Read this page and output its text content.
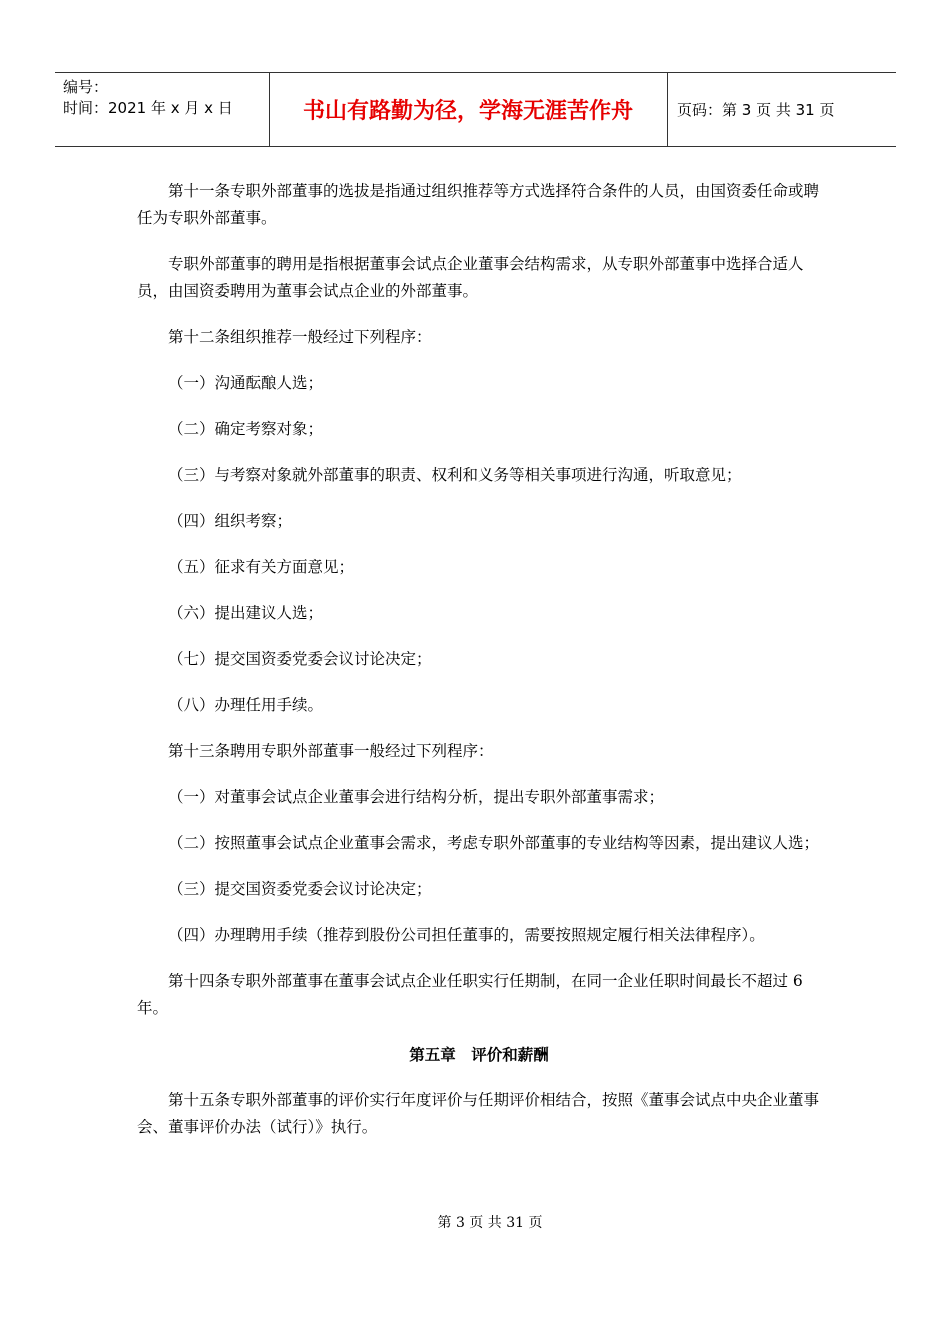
编号：
时间：2021 年 x 月 x 日	书山有路勤为径，学海无涯苦作舟	页码：第 3 页 共 31 页

第十一条专职外部董事的选拔是指通过组织推荐等方式选择符合条件的人员，由国资委任命或聘任为专职外部董事。

专职外部董事的聘用是指根据董事会试点企业董事会结构需求，从专职外部董事中选择合适人员，由国资委聘用为董事会试点企业的外部董事。

第十二条组织推荐一般经过下列程序：

（一）沟通酝酿人选；

（二）确定考察对象；

（三）与考察对象就外部董事的职责、权利和义务等相关事项进行沟通，听取意见；

（四）组织考察；

（五）征求有关方面意见；

（六）提出建议人选；

（七）提交国资委党委会议讨论决定；

（八）办理任用手续。

第十三条聘用专职外部董事一般经过下列程序：

（一）对董事会试点企业董事会进行结构分析，提出专职外部董事需求；

（二）按照董事会试点企业董事会需求，考虑专职外部董事的专业结构等因素，提出建议人选；

（三）提交国资委党委会议讨论决定；

（四）办理聘用手续（推荐到股份公司担任董事的，需要按照规定履行相关法律程序）。

第十四条专职外部董事在董事会试点企业任职实行任期制，在同一企业任职时间最长不超过 6 年。

第五章　评价和薪酬

第十五条专职外部董事的评价实行年度评价与任期评价相结合，按照《董事会试点中央企业董事会、董事评价办法（试行）》执行。

第 3 页 共 31 页
